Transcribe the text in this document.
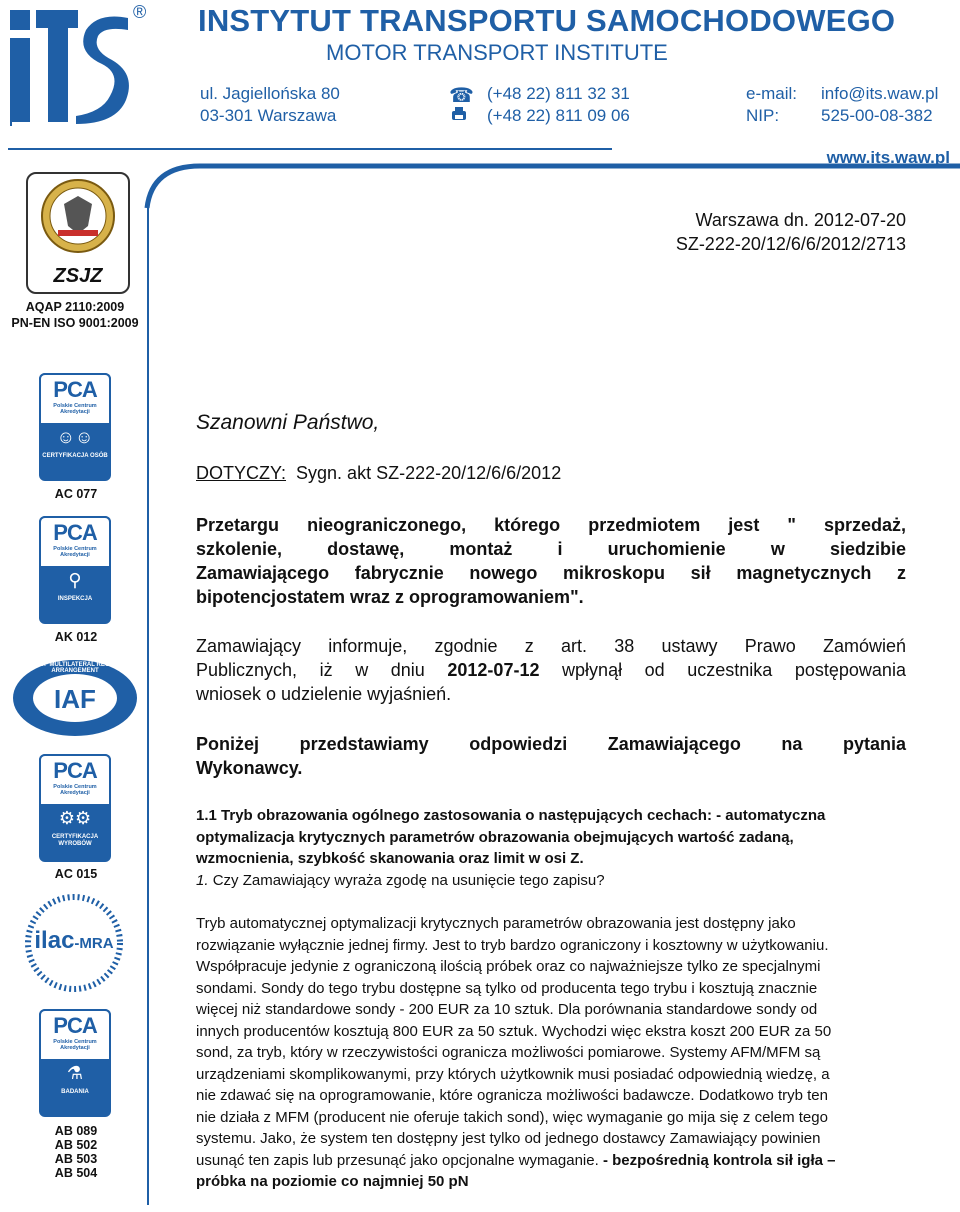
® INSTYTUT TRANSPORTU SAMOCHODOWEGO
MOTOR TRANSPORT INSTITUTE
ul. Jagiellońska 80
03-301 Warszawa
☎ (+48 22) 811 32 31
(+48 22) 811 09 06
e-mail: info@its.waw.pl
NIP: 525-00-08-382
www.its.waw.pl
ZSJZ
AQAP 2110:2009
PN-EN ISO 9001:2009
PCA
Polskie Centrum
Akredytacji
☺☺
CERTYFIKACJA OSÓB
AC 077
PCA
Polskie Centrum
Akredytacji
⚲
INSPEKCJA
AK 012
IAF
MEMBER OF MULTILATERAL RECOGNITION ARRANGEMENT
PCA
Polskie Centrum
Akredytacji
⚙⚙
CERTYFIKACJA WYROBÓW
AC 015
ilac-MRA
PCA
Polskie Centrum
Akredytacji
⚗
BADANIA
AB 089
AB 502
AB 503
AB 504
Warszawa dn. 2012-07-20
SZ-222-20/12/6/6/2012/2713
Szanowni Państwo,
DOTYCZY: Sygn. akt SZ-222-20/12/6/6/2012
Przetargu nieograniczonego, którego przedmiotem jest " sprzedaż,
szkolenie, dostawę, montaż i uruchomienie w siedzibie
Zamawiającego fabrycznie nowego mikroskopu sił magnetycznych z
bipotencjostatem wraz z oprogramowaniem".
Zamawiający informuje, zgodnie z art. 38 ustawy Prawo Zamówień
Publicznych, iż w dniu 2012-07-12 wpłynął od uczestnika postępowania
wniosek o udzielenie wyjaśnień.
Poniżej przedstawiamy odpowiedzi Zamawiającego na pytania
Wykonawcy.
1.1 Tryb obrazowania ogólnego zastosowania o następujących cechach: - automatyczna
optymalizacja krytycznych parametrów obrazowania obejmujących wartość zadaną,
wzmocnienia, szybkość skanowania oraz limit w osi Z.
1. Czy Zamawiający wyraża zgodę na usunięcie tego zapisu?
Tryb automatycznej optymalizacji krytycznych parametrów obrazowania jest dostępny jako
rozwiązanie wyłącznie jednej firmy. Jest to tryb bardzo ograniczony i kosztowny w użytkowaniu.
Współpracuje jedynie z ograniczoną ilością próbek oraz co najważniejsze tylko ze specjalnymi
sondami. Sondy do tego trybu dostępne są tylko od producenta tego trybu i kosztują znacznie
więcej niż standardowe sondy - 200 EUR za 10 sztuk. Dla porównania standardowe sondy od
innych producentów kosztują 800 EUR za 50 sztuk. Wychodzi więc ekstra koszt 200 EUR za 50
sond, za tryb, który w rzeczywistości ogranicza możliwości pomiarowe. Systemy AFM/MFM są
urządzeniami skomplikowanymi, przy których użytkownik musi posiadać odpowiednią wiedzę, a
nie zdawać się na oprogramowanie, które ogranicza możliwości badawcze. Dodatkowo tryb ten
nie działa z MFM (producent nie oferuje takich sond), więc wymaganie go mija się z celem tego
systemu. Jako, że system ten dostępny jest tylko od jednego dostawcy Zamawiający powinien
usunąć ten zapis lub przesunąć jako opcjonalne wymaganie. - bezpośrednią kontrola sił igła –
próbka na poziomie co najmniej 50 pN
